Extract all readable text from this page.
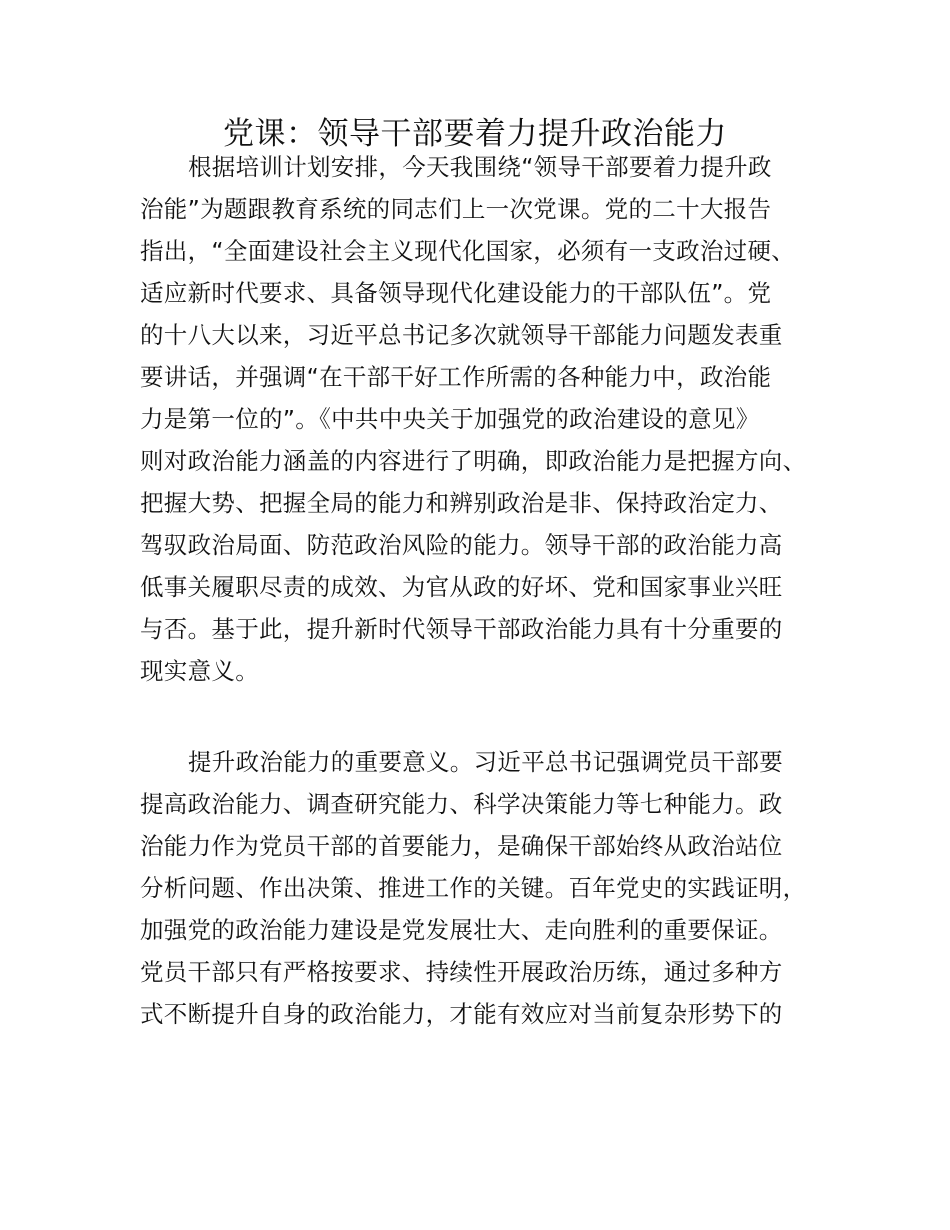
党课：领导干部要着力提升政治能力
根据培训计划安排，今天我围绕“领导干部要着力提升政
治能”为题跟教育系统的同志们上一次党课。党的二十大报告
指出，“全面建设社会主义现代化国家，必须有一支政治过硬、
适应新时代要求、具备领导现代化建设能力的干部队伍”。党
的十八大以来，习近平总书记多次就领导干部能力问题发表重
要讲话，并强调“在干部干好工作所需的各种能力中，政治能
力是第一位的”。《中共中央关于加强党的政治建设的意见》
则对政治能力涵盖的内容进行了明确，即政治能力是把握方向、
把握大势、把握全局的能力和辨别政治是非、保持政治定力、
驾驭政治局面、防范政治风险的能力。领导干部的政治能力高
低事关履职尽责的成效、为官从政的好坏、党和国家事业兴旺
与否。基于此，提升新时代领导干部政治能力具有十分重要的
现实意义。
提升政治能力的重要意义。习近平总书记强调党员干部要
提高政治能力、调查研究能力、科学决策能力等七种能力。政
治能力作为党员干部的首要能力，是确保干部始终从政治站位
分析问题、作出决策、推进工作的关键。百年党史的实践证明，
加强党的政治能力建设是党发展壮大、走向胜利的重要保证。
党员干部只有严格按要求、持续性开展政治历练，通过多种方
式不断提升自身的政治能力，才能有效应对当前复杂形势下的
